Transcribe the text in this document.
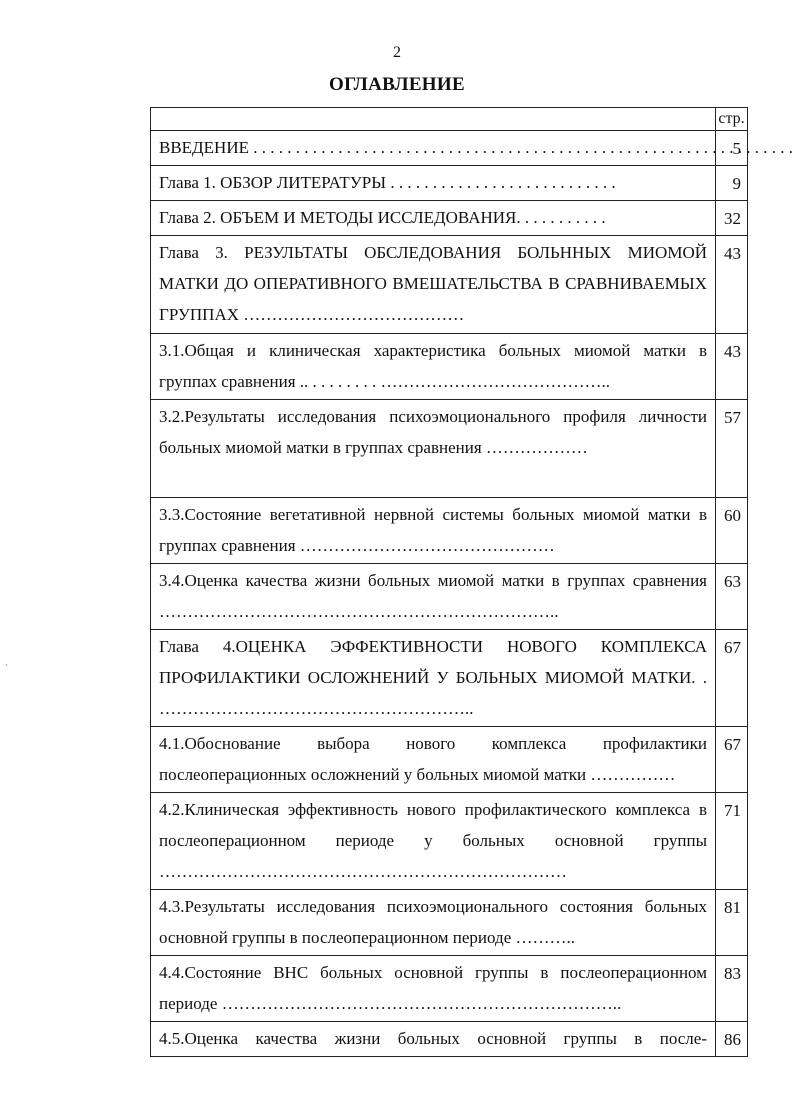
2
ОГЛАВЛЕНИЕ
`
	стр.
ВВЕДЕНИЕ . . .	5
Глава 1. ОБЗОР ЛИТЕРАТУРЫ . . . . . . . . . . . . . . . . . . . . . . . . . . .	9
Глава 2. ОБЪЕМ И МЕТОДЫ ИССЛЕДОВАНИЯ. . . . . . . . . . .	32
Глава 3. РЕЗУЛЬТАТЫ ОБСЛЕДОВАНИЯ БОЛЬННЫХ МИОМОЙ МАТКИ ДО ОПЕРАТИВНОГО ВМЕШАТЕЛЬСТВА В СРАВНИВАЕМЫХ ГРУППАХ …………………………………	43
3.1.Общая и клиническая характеристика больных миомой матки в группах сравнения .. . . . . . . . . …………………………………..	43
3.2.Результаты исследования психоэмоционального профиля личности больных миомой матки в группах сравнения ………………	57
3.3.Состояние вегетативной нервной системы больных миомой матки в группах сравнения ………………………………………	60
3.4.Оценка качества жизни больных миомой матки в группах сравнения ……………………………………………………………..	63
Глава 4.ОЦЕНКА ЭФФЕКТИВНОСТИ НОВОГО КОМПЛЕКСА ПРОФИЛАКТИКИ ОСЛОЖНЕНИЙ У БОЛЬНЫХ МИОМОЙ МАТКИ. . ………………………………………………..	67
4.1.Обоснование выбора нового комплекса профилактики послеоперационных осложнений у больных миомой матки ……………	67
4.2.Клиническая эффективность нового профилактического комплекса в послеоперационном периоде у больных основной группы ………………………………………………………………	71
4.3.Результаты исследования психоэмоционального состояния больных основной группы в послеоперационном периоде ………..	81
4.4.Состояние ВНС больных основной группы в послеоперационном периоде ……………………………………………………………..	83
4.5.Оценка качества жизни больных основной группы в после-	86
